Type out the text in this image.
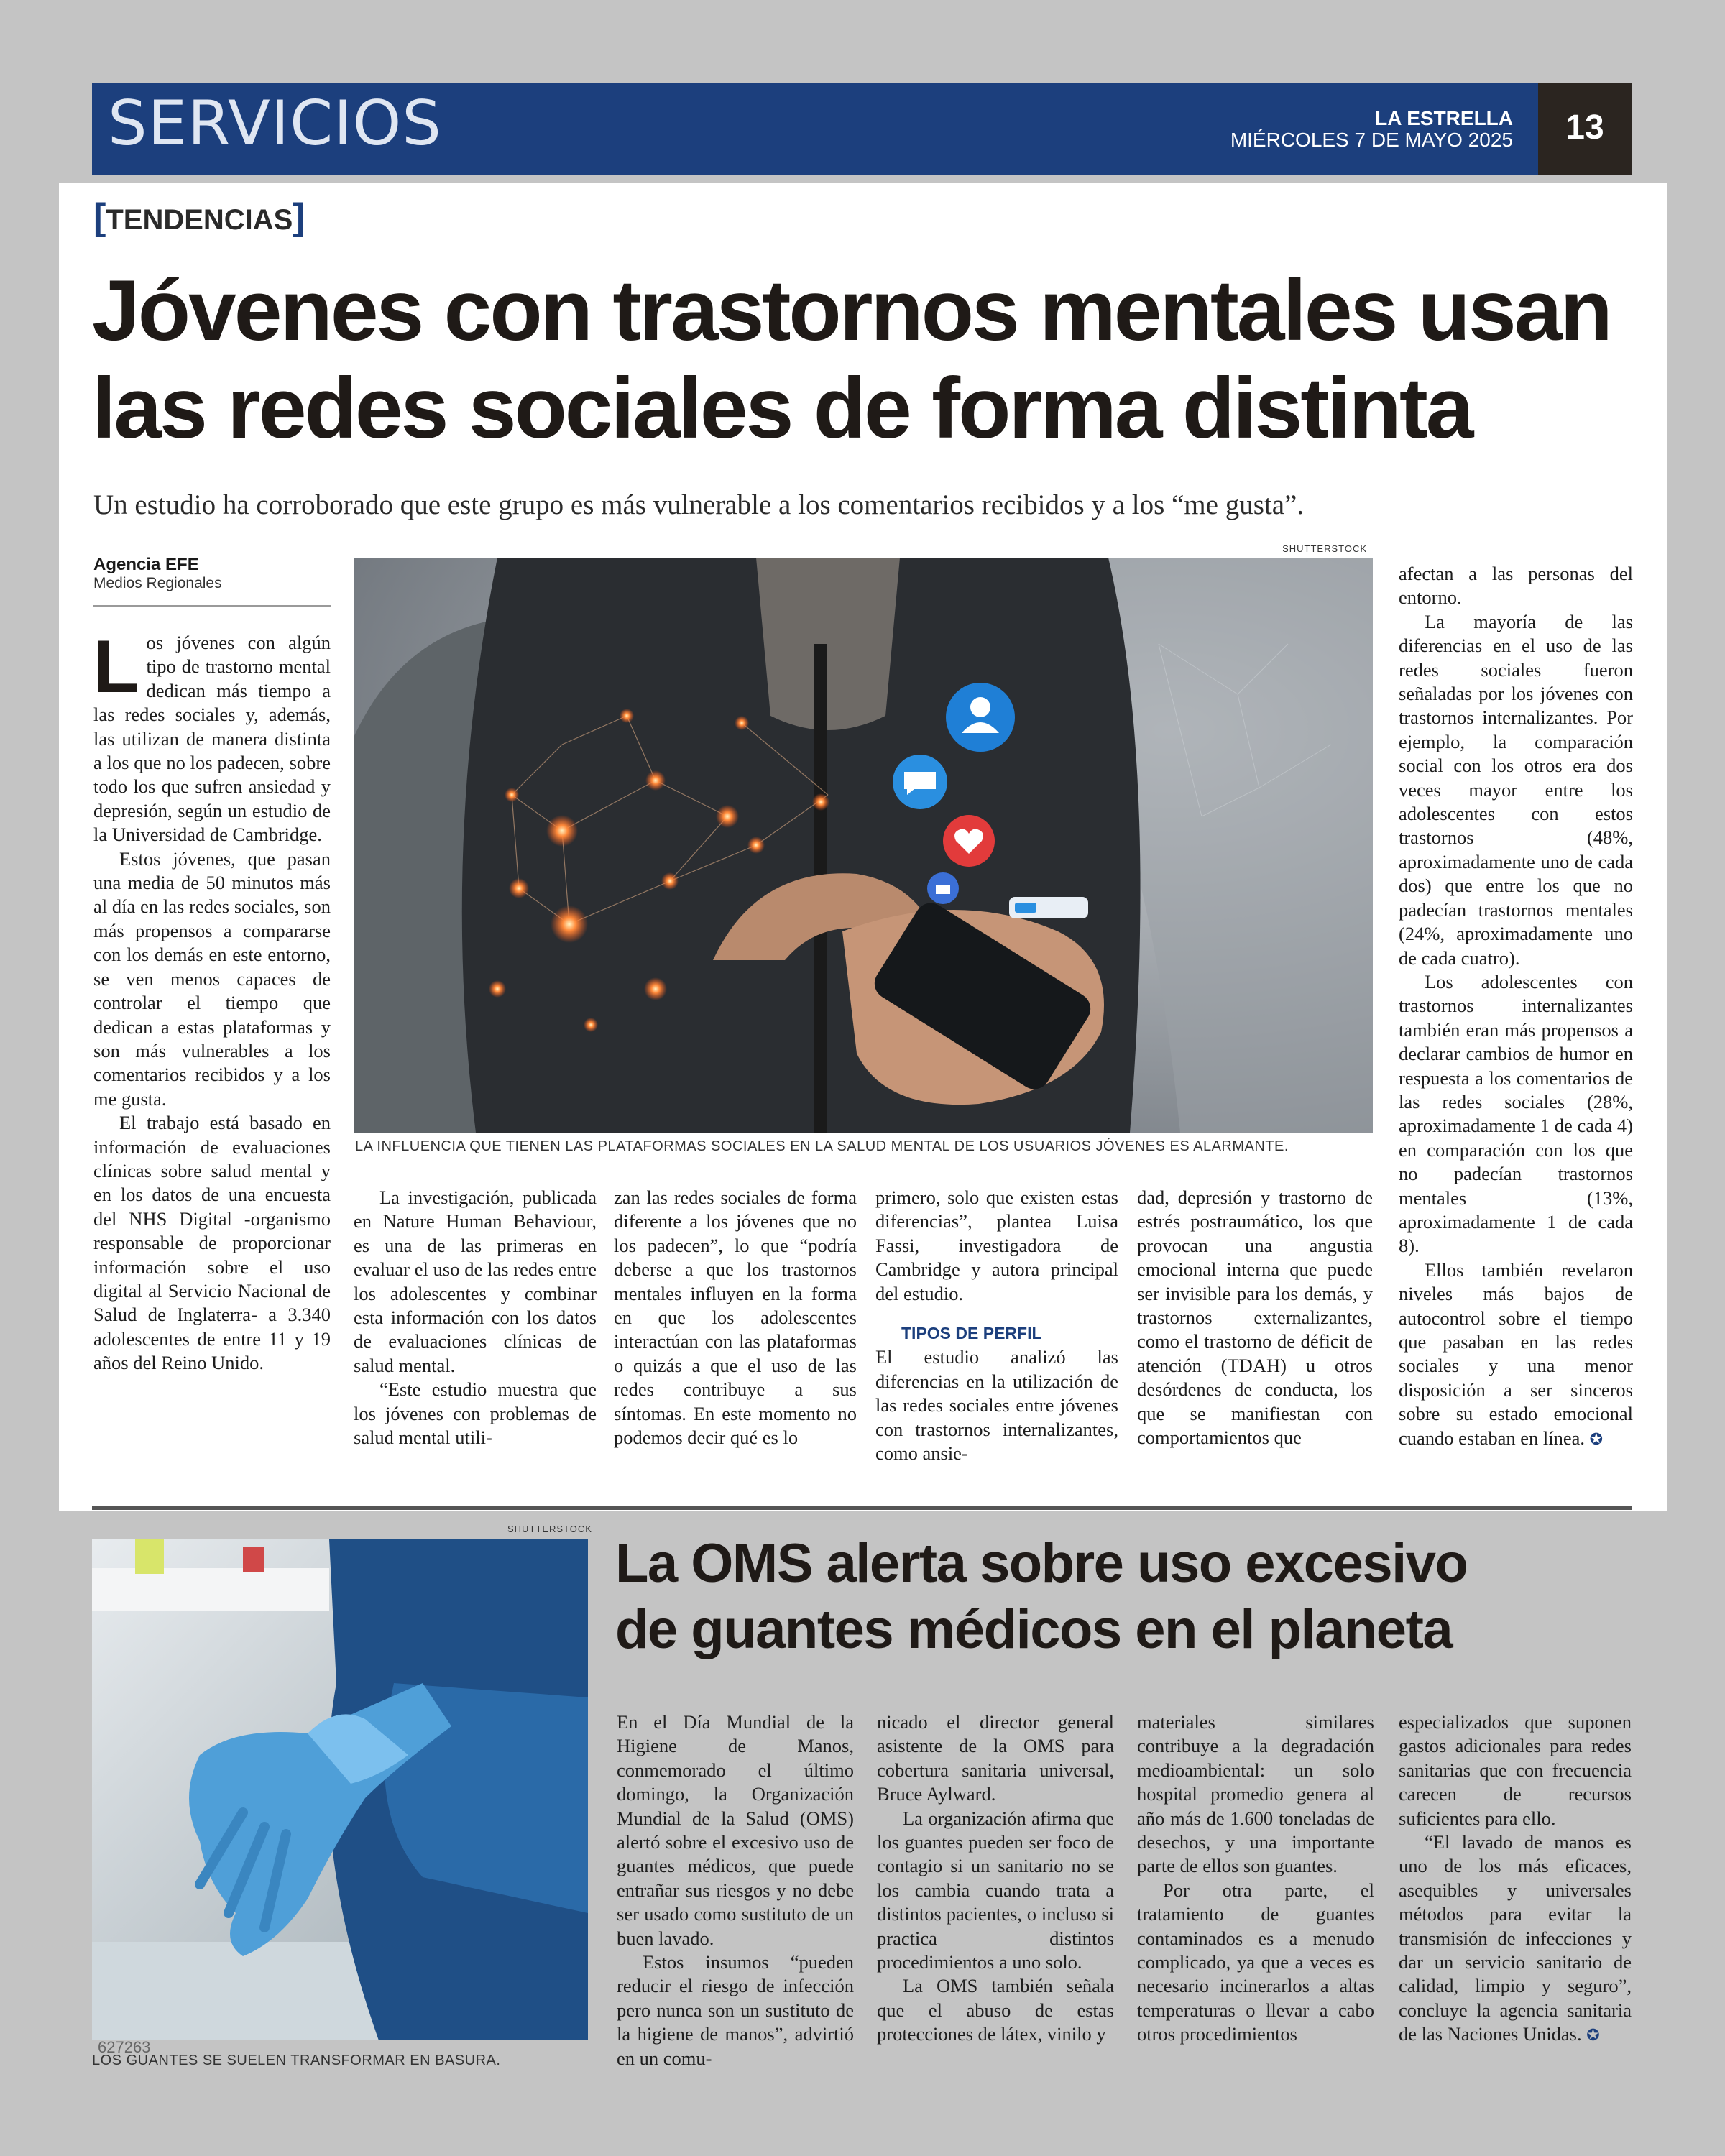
SERVICIOS	LA ESTRELLA
MIÉRCOLES 7 DE MAYO 2025	13
[TENDENCIAS]
Jóvenes con trastornos mentales usan
las redes sociales de forma distinta
Un estudio ha corroborado que este grupo es más vulnerable a los comentarios recibidos y a los “me gusta”.
Agencia EFE
Medios Regionales
SHUTTERSTOCK
LA INFLUENCIA QUE TIENEN LAS PLATAFORMAS SOCIALES EN LA SALUD MENTAL DE LOS USUARIOS JÓVENES ES ALARMANTE.

Los jóvenes con algún tipo de trastorno mental dedican más tiempo a las redes sociales y, además, las utilizan de manera distinta a los que no los padecen, sobre todo los que sufren ansiedad y depresión, según un estudio de la Universidad de Cambridge.

Estos jóvenes, que pasan una media de 50 minutos más al día en las redes sociales, son más propensos a compararse con los demás en este entorno, se ven menos capaces de controlar el tiempo que dedican a estas plataformas y son más vulnerables a los comentarios recibidos y a los me gusta.

El trabajo está basado en información de evaluaciones clínicas sobre salud mental y en los datos de una encuesta del NHS Digital -organismo responsable de proporcionar información sobre el uso digital al Servicio Nacional de Salud de Inglaterra- a 3.340 adolescentes de entre 11 y 19 años del Reino Unido.

La investigación, publicada en Nature Human Behaviour, es una de las primeras en evaluar el uso de las redes entre los adolescentes y combinar esta información con los datos de evaluaciones clínicas de salud mental.

“Este estudio muestra que los jóvenes con problemas de salud mental utili-

zan las redes sociales de forma diferente a los jóvenes que no los padecen”, lo que “podría deberse a que los trastornos mentales influyen en la forma en que los adolescentes interactúan con las plataformas o quizás a que el uso de las redes contribuye a sus síntomas. En este momento no podemos decir qué es lo

primero, solo que existen estas diferencias”, plantea Luisa Fassi, investigadora de Cambridge y autora principal del estudio.

TIPOS DE PERFIL

El estudio analizó las diferencias en la utilización de las redes sociales entre jóvenes con trastornos internalizantes, como ansie-

dad, depresión y trastorno de estrés postraumático, los que provocan una angustia emocional interna que puede ser invisible para los demás, y trastornos externalizantes, como el trastorno de déficit de atención (TDAH) u otros desórdenes de conducta, los que se manifiestan con comportamientos que

afectan a las personas del entorno.

La mayoría de las diferencias en el uso de las redes sociales fueron señaladas por los jóvenes con trastornos internalizantes. Por ejemplo, la comparación social con los otros era dos veces mayor entre los adolescentes con estos trastornos (48%, aproximadamente uno de cada dos) que entre los que no padecían trastornos mentales (24%, aproximadamente uno de cada cuatro).

Los adolescentes con trastornos internalizantes también eran más propensos a declarar cambios de humor en respuesta a los comentarios de las redes sociales (28%, aproximadamente 1 de cada 4) en comparación con los que no padecían trastornos mentales (13%, aproximadamente 1 de cada 8).

Ellos también revelaron niveles más bajos de autocontrol sobre el tiempo que pasaban en las redes sociales y una menor disposición a ser sinceros sobre su estado emocional cuando estaban en línea. ✪

SHUTTERSTOCK
627263
LOS GUANTES SE SUELEN TRANSFORMAR EN BASURA.
La OMS alerta sobre uso excesivo
de guantes médicos en el planeta

En el Día Mundial de la Higiene de Manos, conmemorado el último domingo, la Organización Mundial de la Salud (OMS) alertó sobre el excesivo uso de guantes médicos, que puede entrañar sus riesgos y no debe ser usado como sustituto de un buen lavado.

Estos insumos “pueden reducir el riesgo de infección pero nunca son un sustituto de la higiene de manos”, advirtió en un comu-

nicado el director general asistente de la OMS para cobertura sanitaria universal, Bruce Aylward.

La organización afirma que los guantes pueden ser foco de contagio si un sanitario no se los cambia cuando trata a distintos pacientes, o incluso si practica distintos procedimientos a uno solo.

La OMS también señala que el abuso de estas protecciones de látex, vinilo y

materiales similares contribuye a la degradación medioambiental: un solo hospital promedio genera al año más de 1.600 toneladas de desechos, y una importante parte de ellos son guantes.

Por otra parte, el tratamiento de guantes contaminados es a menudo complicado, ya que a veces es necesario incinerarlos a altas temperaturas o llevar a cabo otros procedimientos

especializados que suponen gastos adicionales para redes sanitarias que con frecuencia carecen de recursos suficientes para ello.

“El lavado de manos es uno de los más eficaces, asequibles y universales métodos para evitar la transmisión de infecciones y dar un servicio sanitario de calidad, limpio y seguro”, concluye la agencia sanitaria de las Naciones Unidas. ✪
